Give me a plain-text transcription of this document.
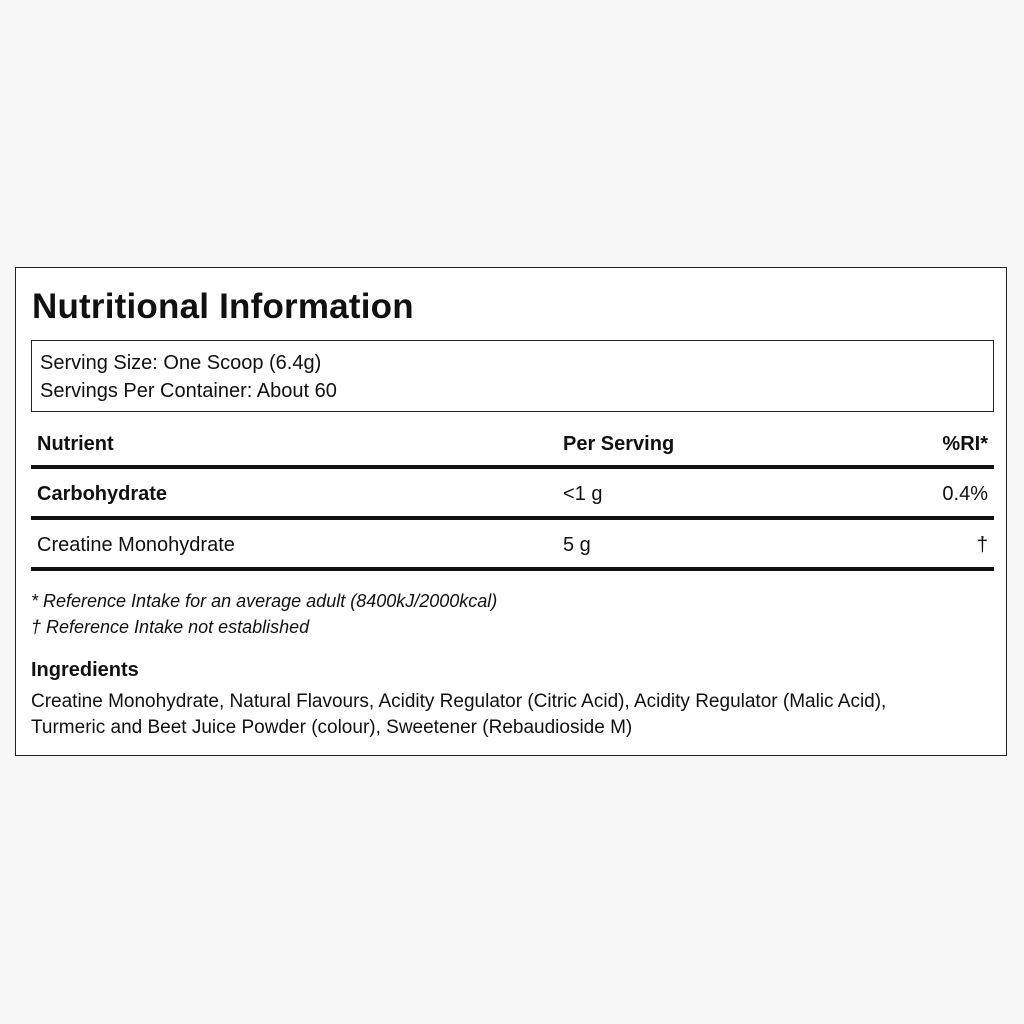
Nutritional Information
Serving Size: One Scoop (6.4g)
Servings Per Container: About 60
Nutrient	Per Serving	%RI*
Carbohydrate	<1 g	0.4%
Creatine Monohydrate	5 g	†
* Reference Intake for an average adult (8400kJ/2000kcal)
† Reference Intake not established
Ingredients
Creatine Monohydrate, Natural Flavours, Acidity Regulator (Citric Acid), Acidity Regulator (Malic Acid),
Turmeric and Beet Juice Powder (colour), Sweetener (Rebaudioside M)
